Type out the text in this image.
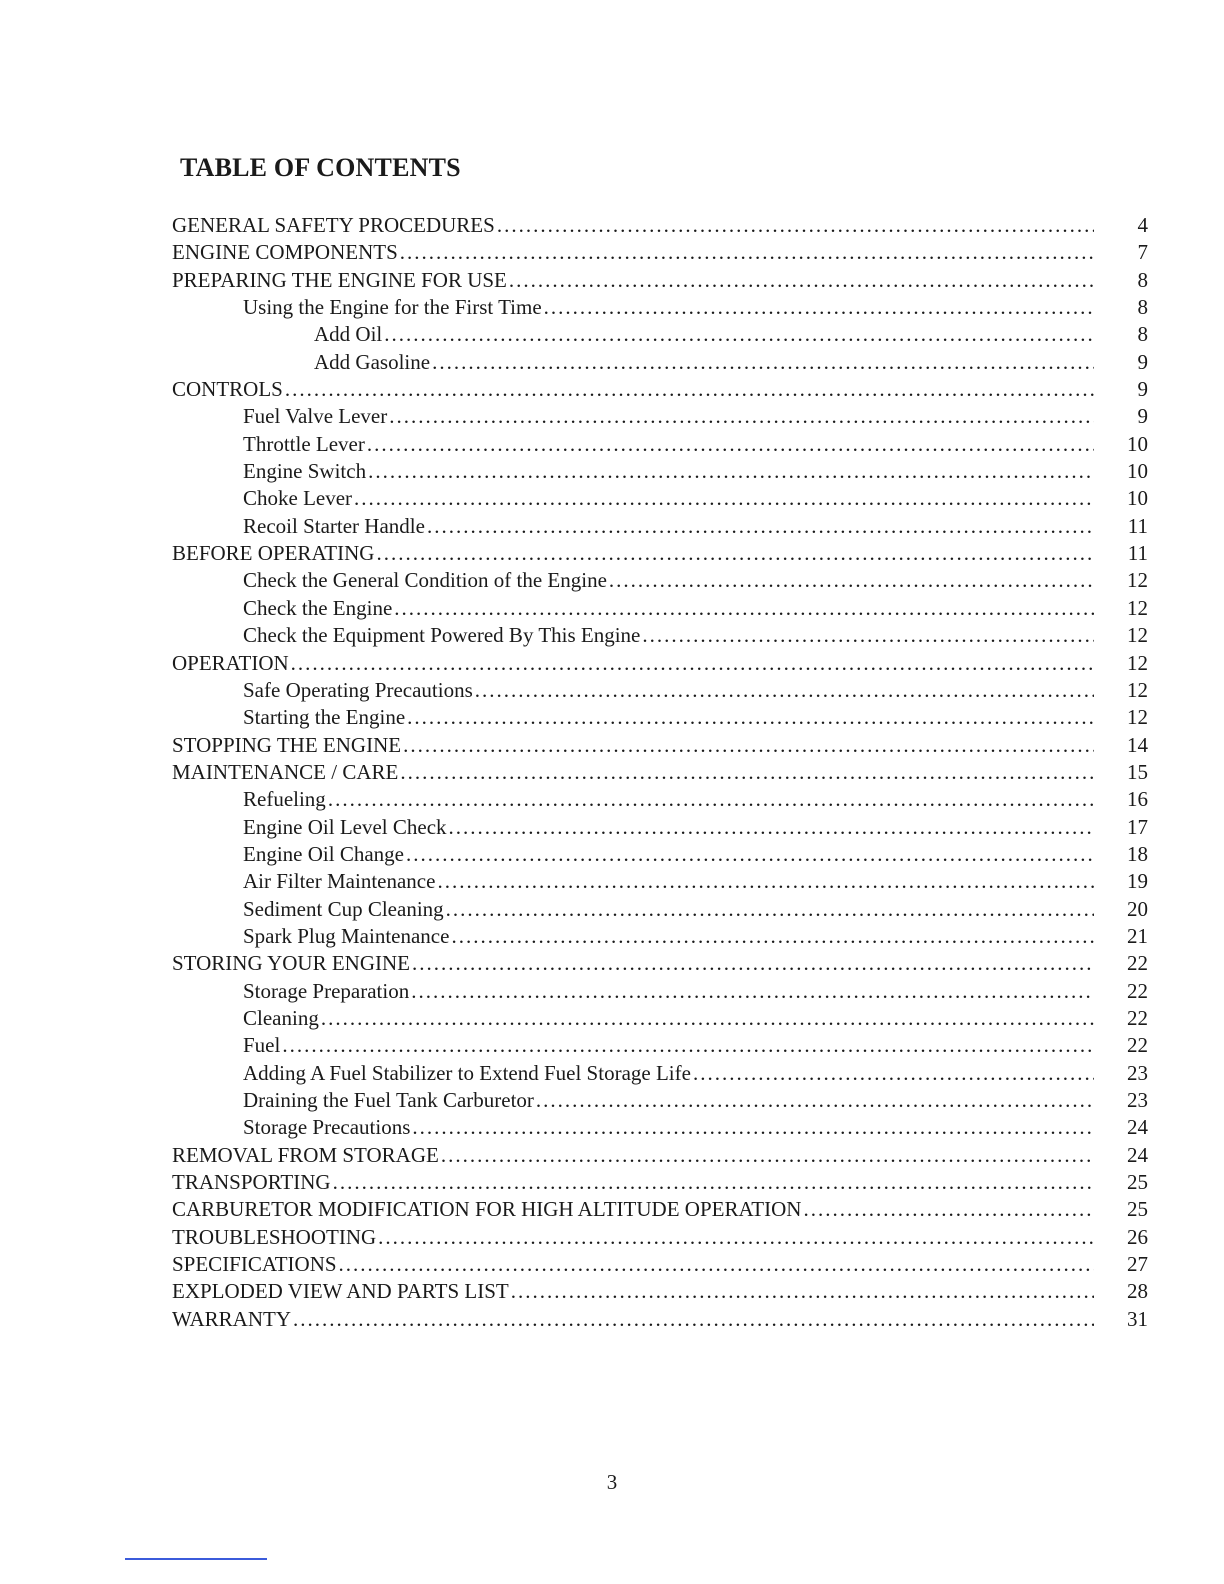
TABLE OF CONTENTS
GENERAL SAFETY PROCEDURES .....	4
ENGINE COMPONENTS .....	7
PREPARING THE ENGINE FOR USE .....	8
Using the Engine for the First Time .....	8
Add Oil .....	8
Add Gasoline .....	9
CONTROLS .....	9
Fuel Valve Lever .....	9
Throttle Lever .....	10
Engine Switch .....	10
Choke Lever .....	10
Recoil Starter Handle .....	11
BEFORE OPERATING .....	11
Check the General Condition of the Engine .....	12
Check the Engine .....	12
Check the Equipment Powered By This Engine .....	12
OPERATION .....	12
Safe Operating Precautions .....	12
Starting the Engine .....	12
STOPPING THE ENGINE .....	14
MAINTENANCE / CARE .....	15
Refueling .....	16
Engine Oil Level Check .....	17
Engine Oil Change .....	18
Air Filter Maintenance .....	19
Sediment Cup Cleaning .....	20
Spark Plug Maintenance .....	21
STORING YOUR ENGINE .....	22
Storage Preparation .....	22
Cleaning .....	22
Fuel .....	22
Adding A Fuel Stabilizer to Extend Fuel Storage Life .....	23
Draining the Fuel Tank Carburetor .....	23
Storage Precautions .....	24
REMOVAL FROM STORAGE .....	24
TRANSPORTING .....	25
CARBURETOR MODIFICATION FOR HIGH ALTITUDE OPERATION .....	25
TROUBLESHOOTING .....	26
SPECIFICATIONS .....	27
EXPLODED VIEW AND PARTS LIST .....	28
WARRANTY .....	31
3
